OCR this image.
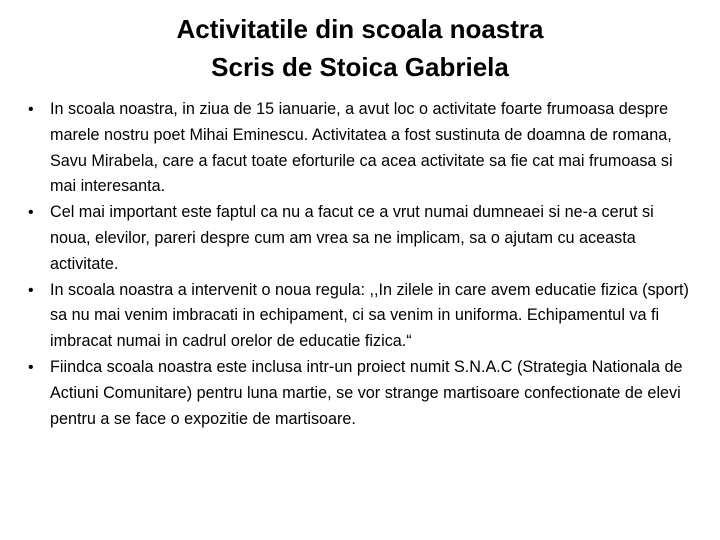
Activitatile din scoala noastra
Scris de Stoica Gabriela
• In scoala noastra, in ziua de 15 ianuarie, a avut loc o activitate foarte frumoasa despre marele nostru poet Mihai Eminescu. Activitatea a fost sustinuta de doamna de romana, Savu Mirabela, care a facut toate eforturile ca acea activitate sa fie cat mai frumoasa si mai interesanta.
• Cel mai important este faptul ca nu a facut ce a vrut numai dumneaei si ne-a cerut si noua, elevilor, pareri despre cum am vrea sa ne implicam, sa o ajutam cu aceasta activitate.
• In scoala noastra a intervenit o noua regula: ,,In zilele in care avem educatie fizica (sport) sa nu mai venim imbracati in echipament, ci sa venim in uniforma. Echipamentul va fi imbracat numai in cadrul orelor de educatie fizica.“
• Fiindca scoala noastra este inclusa intr-un proiect numit S.N.A.C (Strategia Nationala de Actiuni Comunitare) pentru luna martie, se vor strange martisoare confectionate de elevi pentru a se face o expozitie de martisoare.
